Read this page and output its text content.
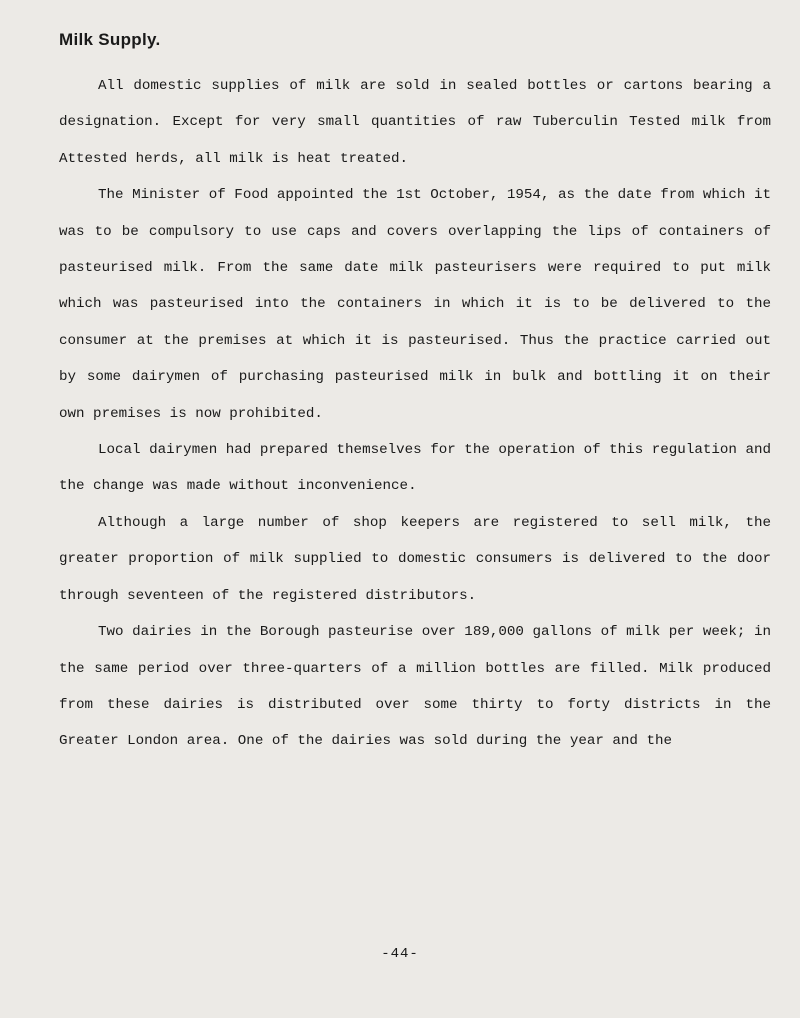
Milk Supply.

All domestic supplies of milk are sold in sealed bottles or cartons bearing a designation. Except for very small quantities of raw Tuberculin Tested milk from Attested herds, all milk is heat treated.

The Minister of Food appointed the 1st October, 1954, as the date from which it was to be compulsory to use caps and covers overlapping the lips of containers of pasteurised milk. From the same date milk pasteurisers were required to put milk which was pasteurised into the containers in which it is to be delivered to the consumer at the premises at which it is pasteurised. Thus the practice carried out by some dairymen of purchasing pasteurised milk in bulk and bottling it on their own premises is now prohibited.

Local dairymen had prepared themselves for the operation of this regulation and the change was made without inconvenience.

Although a large number of shop keepers are registered to sell milk, the greater proportion of milk supplied to domestic consumers is delivered to the door through seventeen of the registered distributors.

Two dairies in the Borough pasteurise over 189,000 gallons of milk per week; in the same period over three-quarters of a million bottles are filled. Milk produced from these dairies is distributed over some thirty to forty districts in the Greater London area. One of the dairies was sold during the year and the

-44-
